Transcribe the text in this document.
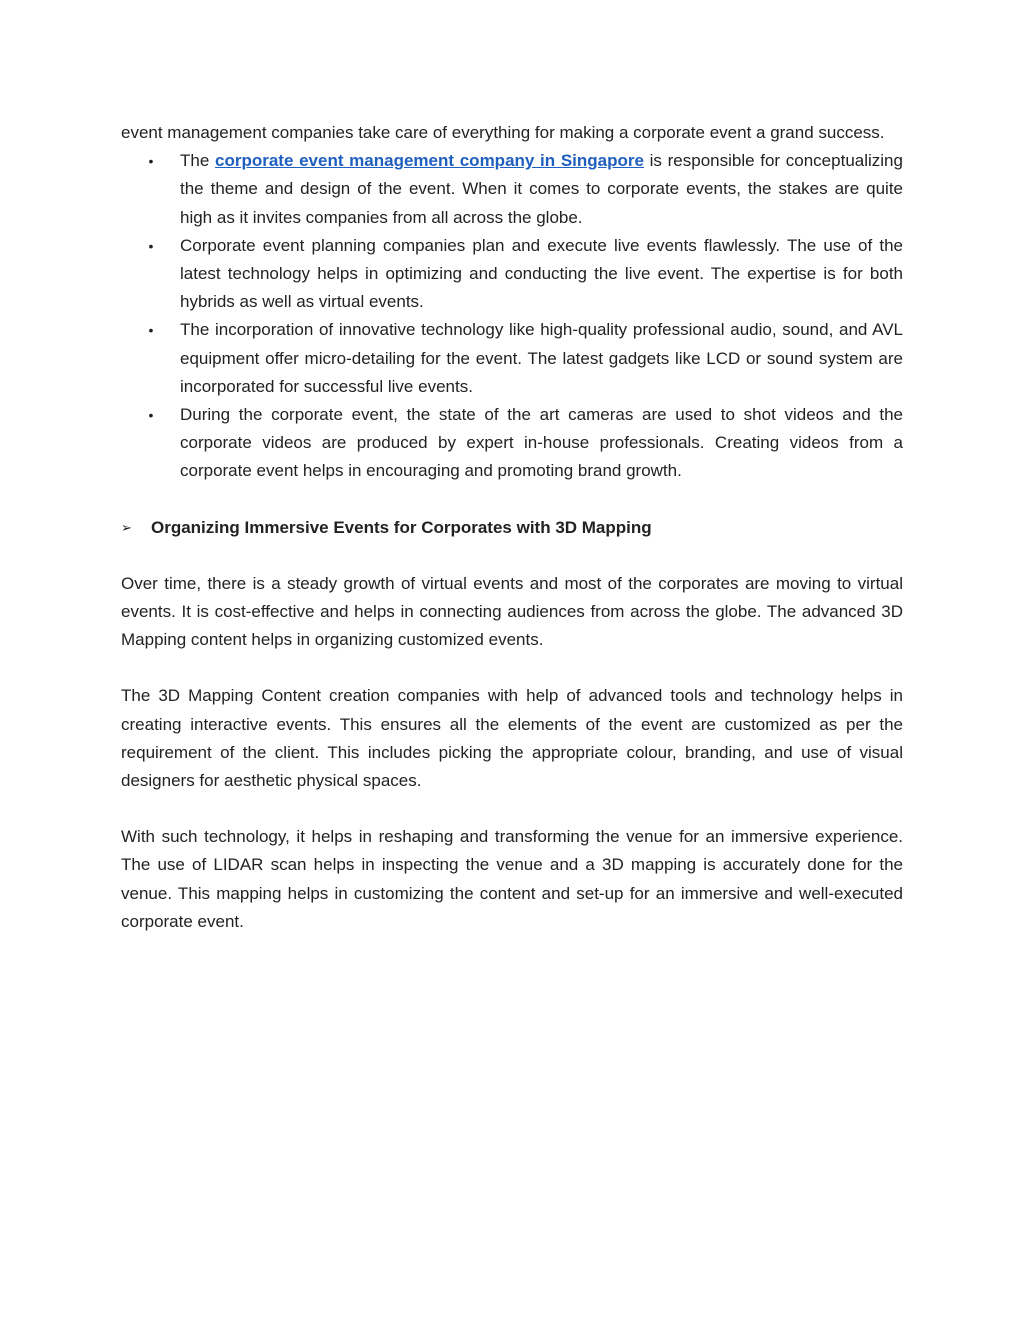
event management companies take care of everything for making a corporate event a grand success.

• The corporate event management company in Singapore is responsible for conceptualizing the theme and design of the event. When it comes to corporate events, the stakes are quite high as it invites companies from all across the globe.
• Corporate event planning companies plan and execute live events flawlessly. The use of the latest technology helps in optimizing and conducting the live event. The expertise is for both hybrids as well as virtual events.
• The incorporation of innovative technology like high-quality professional audio, sound, and AVL equipment offer micro-detailing for the event. The latest gadgets like LCD or sound system are incorporated for successful live events.
• During the corporate event, the state of the art cameras are used to shot videos and the corporate videos are produced by expert in-house professionals. Creating videos from a corporate event helps in encouraging and promoting brand growth.
➢ Organizing Immersive Events for Corporates with 3D Mapping

Over time, there is a steady growth of virtual events and most of the corporates are moving to virtual events. It is cost-effective and helps in connecting audiences from across the globe. The advanced 3D Mapping content helps in organizing customized events.

The 3D Mapping Content creation companies with help of advanced tools and technology helps in creating interactive events. This ensures all the elements of the event are customized as per the requirement of the client. This includes picking the appropriate colour, branding, and use of visual designers for aesthetic physical spaces.

With such technology, it helps in reshaping and transforming the venue for an immersive experience. The use of LIDAR scan helps in inspecting the venue and a 3D mapping is accurately done for the venue. This mapping helps in customizing the content and set-up for an immersive and well-executed corporate event.
